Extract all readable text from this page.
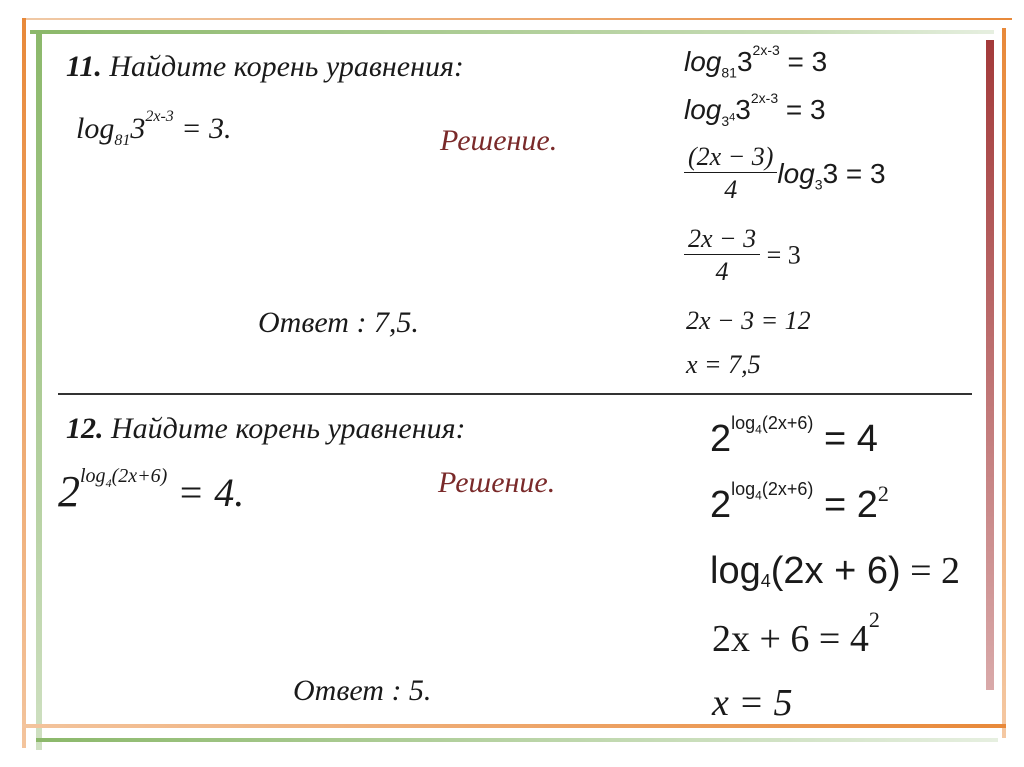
11. Найдите корень уравнения:
$\log_{81}3^{2x-3} = 3$.	Решение.
Ответ : 7,5.
$\log_{81}3^{2x-3} = 3$
$\log_{3^4}3^{2x-3} = 3$
$\frac{(2x - 3)}{4} \log_33 = 3$
$\frac{2x - 3}{4} = 3$
2x − 3 = 12
x = 7,5
12. Найдите корень уравнения:
$2^{log_4(2x+6)} = 4$.	Решение.
Ответ : 5.
$2^{log_4(2x+6)} = 4$
$2^{log_4(2x+6)} = 2^2$
$\log_4(2x + 6) = 2$
$2x + 6 = 4^2$
x = 5
